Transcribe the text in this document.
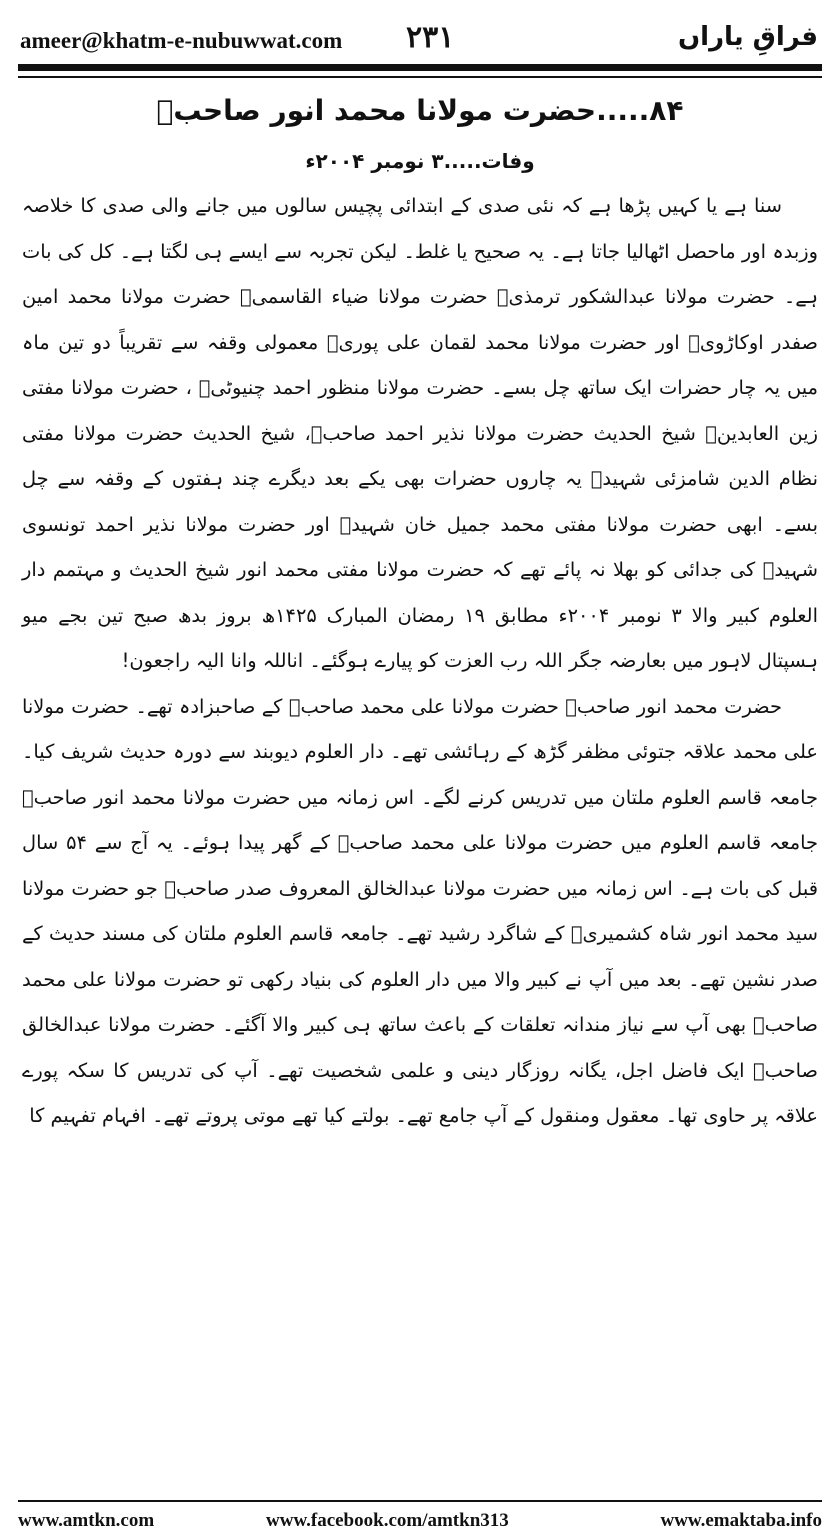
ameer@khatm-e-nubuwwat.com ۲۳۱	فراقِ یاراں
۸۴.....حضرت مولانا محمد انور صاحبؒ
وفات.....۳ نومبر ۲۰۰۴ء

سنا ہے یا کہیں پڑھا ہے کہ نئی صدی کے ابتدائی پچیس سالوں میں جانے والی صدی کا خلاصہ وزبدہ اور ماحصل اٹھالیا جاتا ہے۔ یہ صحیح یا غلط۔ لیکن تجربہ سے ایسے ہی لگتا ہے۔ کل کی بات ہے۔ حضرت مولانا عبدالشکور ترمذیؒ حضرت مولانا ضیاء القاسمیؒ حضرت مولانا محمد امین صفدر اوکاڑویؒ اور حضرت مولانا محمد لقمان علی پوریؒ معمولی وقفہ سے تقریباً دو تین ماہ میں یہ چار حضرات ایک ساتھ چل بسے۔ حضرت مولانا منظور احمد چنیوٹیؒ ، حضرت مولانا مفتی زین العابدینؒ شیخ الحدیث حضرت مولانا نذیر احمد صاحبؒ، شیخ الحدیث حضرت مولانا مفتی نظام الدین شامزئی شہیدؒ یہ چاروں حضرات بھی یکے بعد دیگرے چند ہفتوں کے وقفہ سے چل بسے۔ ابھی حضرت مولانا مفتی محمد جمیل خان شہیدؒ اور حضرت مولانا نذیر احمد تونسوی شہیدؒ کی جدائی کو بھلا نہ پائے تھے کہ حضرت مولانا مفتی محمد انور شیخ الحدیث و مہتمم دار العلوم کبیر والا ۳ نومبر ۲۰۰۴ء مطابق ۱۹ رمضان المبارک ۱۴۲۵ھ بروز بدھ صبح تین بجے میو ہسپتال لاہور میں بعارضہ جگر اللہ رب العزت کو پیارے ہوگئے۔ اناللہ وانا الیہ راجعون!

حضرت محمد انور صاحبؒ حضرت مولانا علی محمد صاحبؒ کے صاحبزادہ تھے۔ حضرت مولانا علی محمد علاقہ جتوئی مظفر گڑھ کے رہائشی تھے۔ دار العلوم دیوبند سے دورہ حدیث شریف کیا۔ جامعہ قاسم العلوم ملتان میں تدریس کرنے لگے۔ اس زمانہ میں حضرت مولانا محمد انور صاحبؒ جامعہ قاسم العلوم میں حضرت مولانا علی محمد صاحبؒ کے گھر پیدا ہوئے۔ یہ آج سے ۵۴ سال قبل کی بات ہے۔ اس زمانہ میں حضرت مولانا عبدالخالق المعروف صدر صاحبؒ جو حضرت مولانا سید محمد انور شاہ کشمیریؒ کے شاگرد رشید تھے۔ جامعہ قاسم العلوم ملتان کی مسند حدیث کے صدر نشین تھے۔ بعد میں آپ نے کبیر والا میں دار العلوم کی بنیاد رکھی تو حضرت مولانا علی محمد صاحبؒ بھی آپ سے نیاز مندانہ تعلقات کے باعث ساتھ ہی کبیر والا آگئے۔ حضرت مولانا عبدالخالق صاحبؒ ایک فاضل اجل، یگانہ روزگار دینی و علمی شخصیت تھے۔ آپ کی تدریس کا سکہ پورے علاقہ پر حاوی تھا۔ معقول ومنقول کے آپ جامع تھے۔ بولتے کیا تھے موتی پروتے تھے۔ افہام تفہیم کا

www.amtkn.com	www.facebook.com/amtkn313	www.emaktaba.info
